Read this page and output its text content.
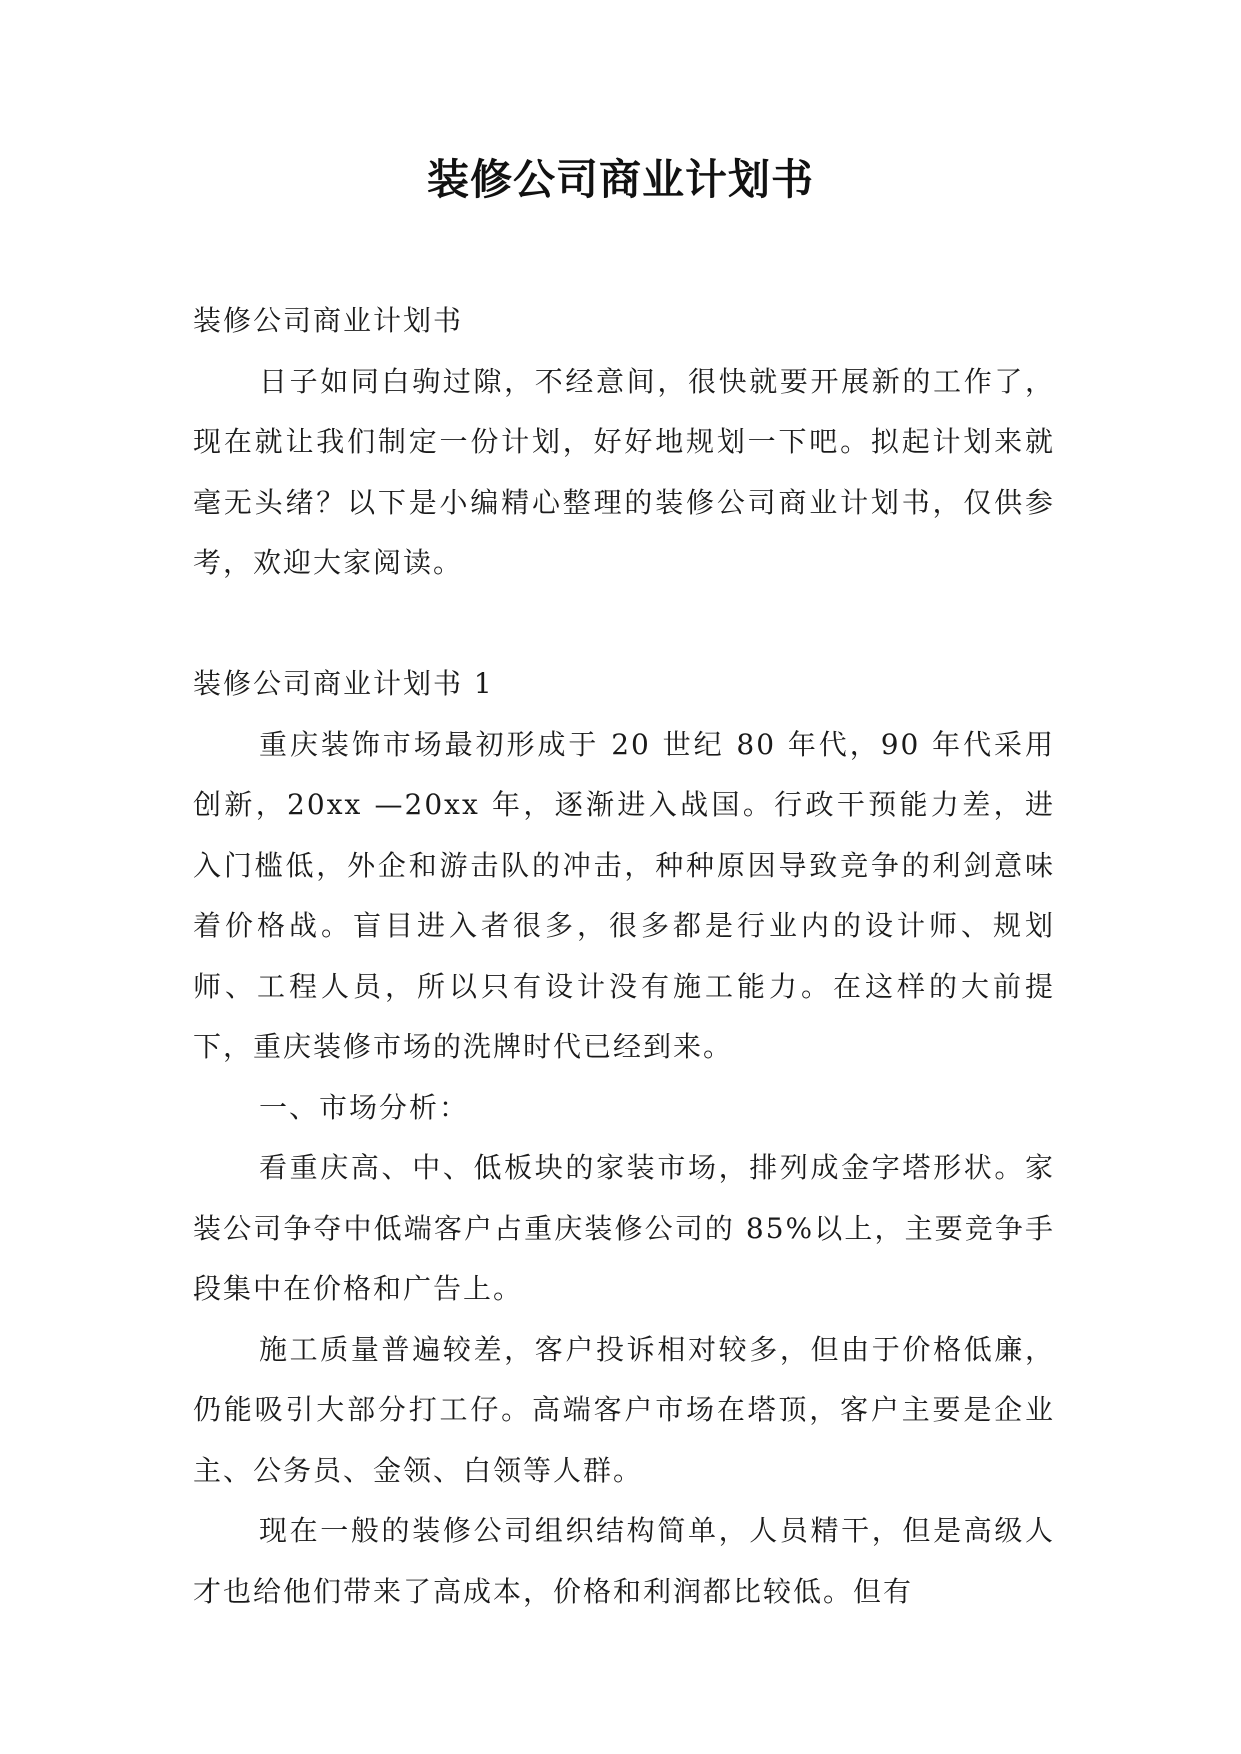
装修公司商业计划书

装修公司商业计划书

日子如同白驹过隙，不经意间，很快就要开展新的工作了，现在就让我们制定一份计划，好好地规划一下吧。拟起计划来就毫无头绪？以下是小编精心整理的装修公司商业计划书，仅供参考，欢迎大家阅读。

装修公司商业计划书 1

重庆装饰市场最初形成于 20 世纪 80 年代，90 年代采用创新，20xx —20xx 年，逐渐进入战国。行政干预能力差，进入门槛低，外企和游击队的冲击，种种原因导致竞争的利剑意味着价格战。盲目进入者很多，很多都是行业内的设计师、规划师、工程人员，所以只有设计没有施工能力。在这样的大前提下，重庆装修市场的洗牌时代已经到来。

一、市场分析：

看重庆高、中、低板块的家装市场，排列成金字塔形状。家装公司争夺中低端客户占重庆装修公司的 85%以上，主要竞争手段集中在价格和广告上。

施工质量普遍较差，客户投诉相对较多，但由于价格低廉，仍能吸引大部分打工仔。高端客户市场在塔顶，客户主要是企业主、公务员、金领、白领等人群。

现在一般的装修公司组织结构简单，人员精干，但是高级人才也给他们带来了高成本，价格和利润都比较低。但有
